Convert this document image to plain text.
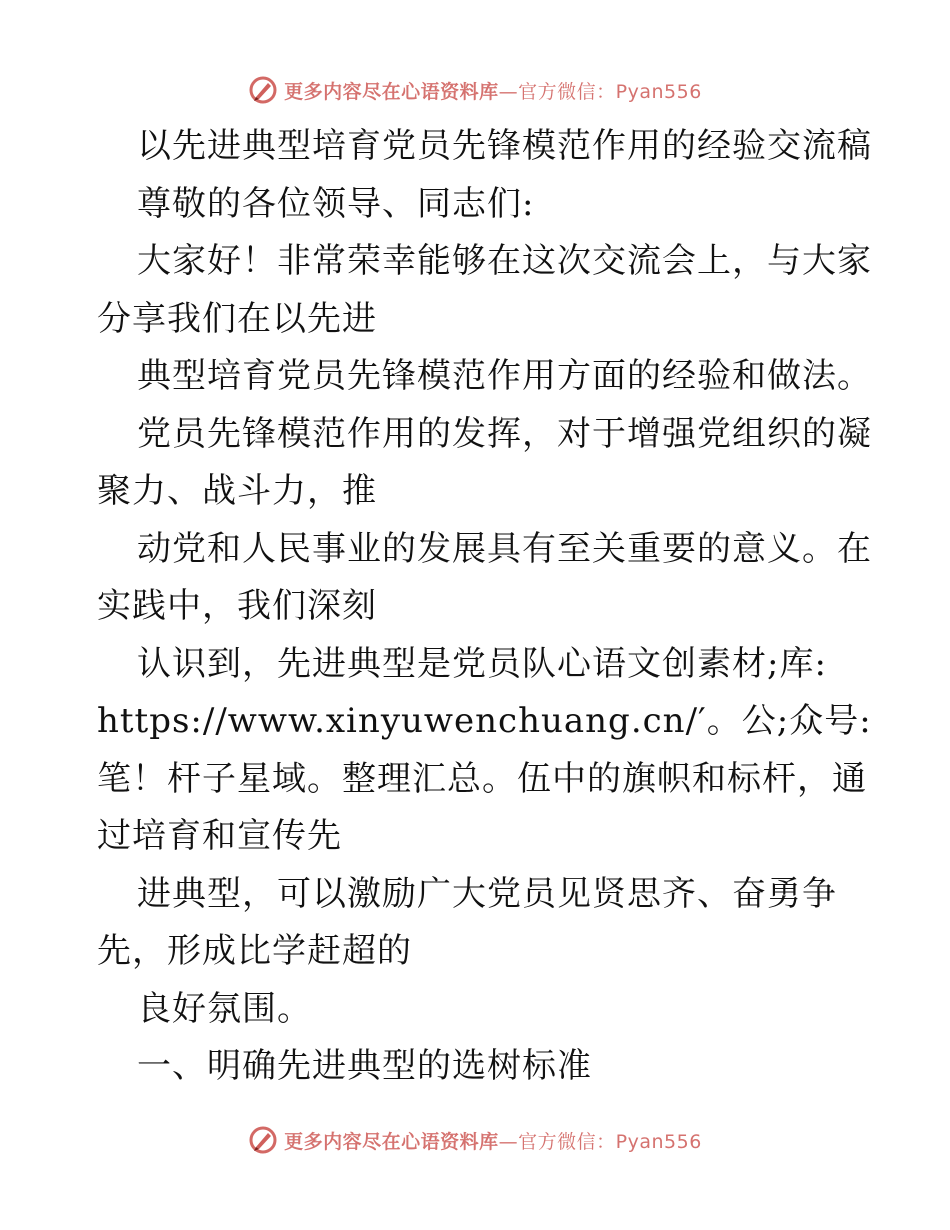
更多内容尽在心语资料库—官方微信：Pyan556
以先进典型培育党员先锋模范作用的经验交流稿
尊敬的各位领导、同志们:
大家好！非常荣幸能够在这次交流会上，与大家
分享我们在以先进
典型培育党员先锋模范作用方面的经验和做法。
党员先锋模范作用的发挥，对于增强党组织的凝
聚力、战斗力，推
动党和人民事业的发展具有至关重要的意义。在
实践中，我们深刻
认识到，先进典型是党员队心语文创素材;库:
https://www.xinyuwenchuang.cn/′。公;众号:
笔！杆子星域。整理汇总。伍中的旗帜和标杆，通
过培育和宣传先
进典型，可以激励广大党员见贤思齐、奋勇争
先，形成比学赶超的
良好氛围。
一、明确先进典型的选树标准
更多内容尽在心语资料库—官方微信：Pyan556
